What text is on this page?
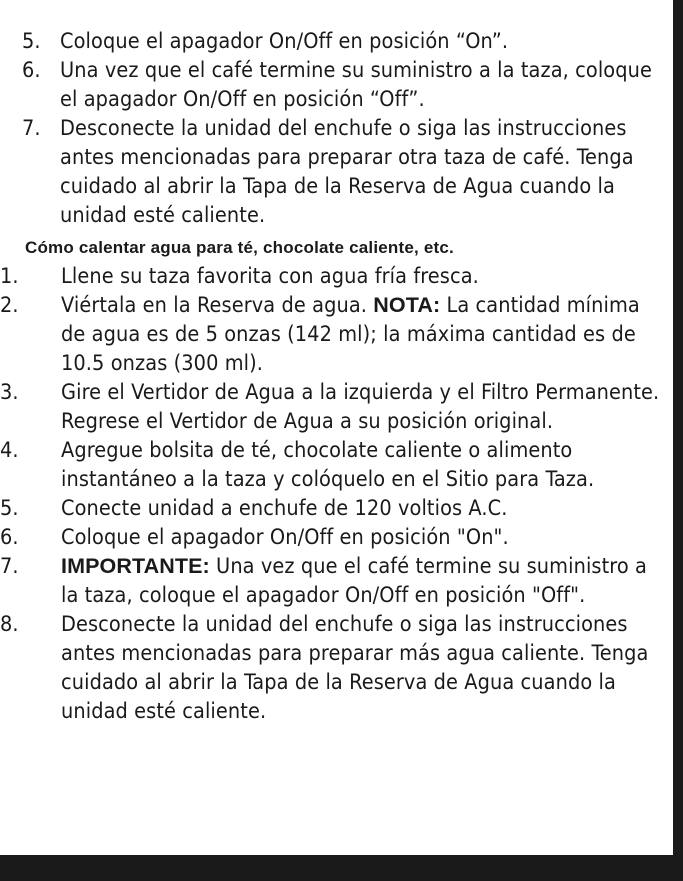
5. Coloque el apagador On/Off en posición “On”.

6. Una vez que el café termine su suministro a la taza, coloque el apagador On/Off en posición “Off”.

7. Desconecte la unidad del enchufe o siga las instrucciones antes mencionadas para preparar otra taza de café. Tenga cuidado al abrir la Tapa de la Reserva de Agua cuando la unidad esté caliente.

Cómo calentar agua para té, chocolate caliente, etc.

1. Llene su taza favorita con agua fría fresca.

2. Viértala en la Reserva de agua. NOTA: La cantidad mínima de agua es de 5 onzas (142 ml); la máxima cantidad es de 10.5 onzas (300 ml).

3. Gire el Vertidor de Agua a la izquierda y el Filtro Permanente. Regrese el Vertidor de Agua a su posición original.

4. Agregue bolsita de té, chocolate caliente o alimento instantáneo a la taza y colóquelo en el Sitio para Taza.

5. Conecte unidad a enchufe de 120 voltios A.C.

6. Coloque el apagador On/Off en posición "On".

7. IMPORTANTE: Una vez que el café termine su suministro a la taza, coloque el apagador On/Off en posición "Off".

8. Desconecte la unidad del enchufe o siga las instrucciones antes mencionadas para preparar más agua caliente. Tenga cuidado al abrir la Tapa de la Reserva de Agua cuando la unidad esté caliente.
